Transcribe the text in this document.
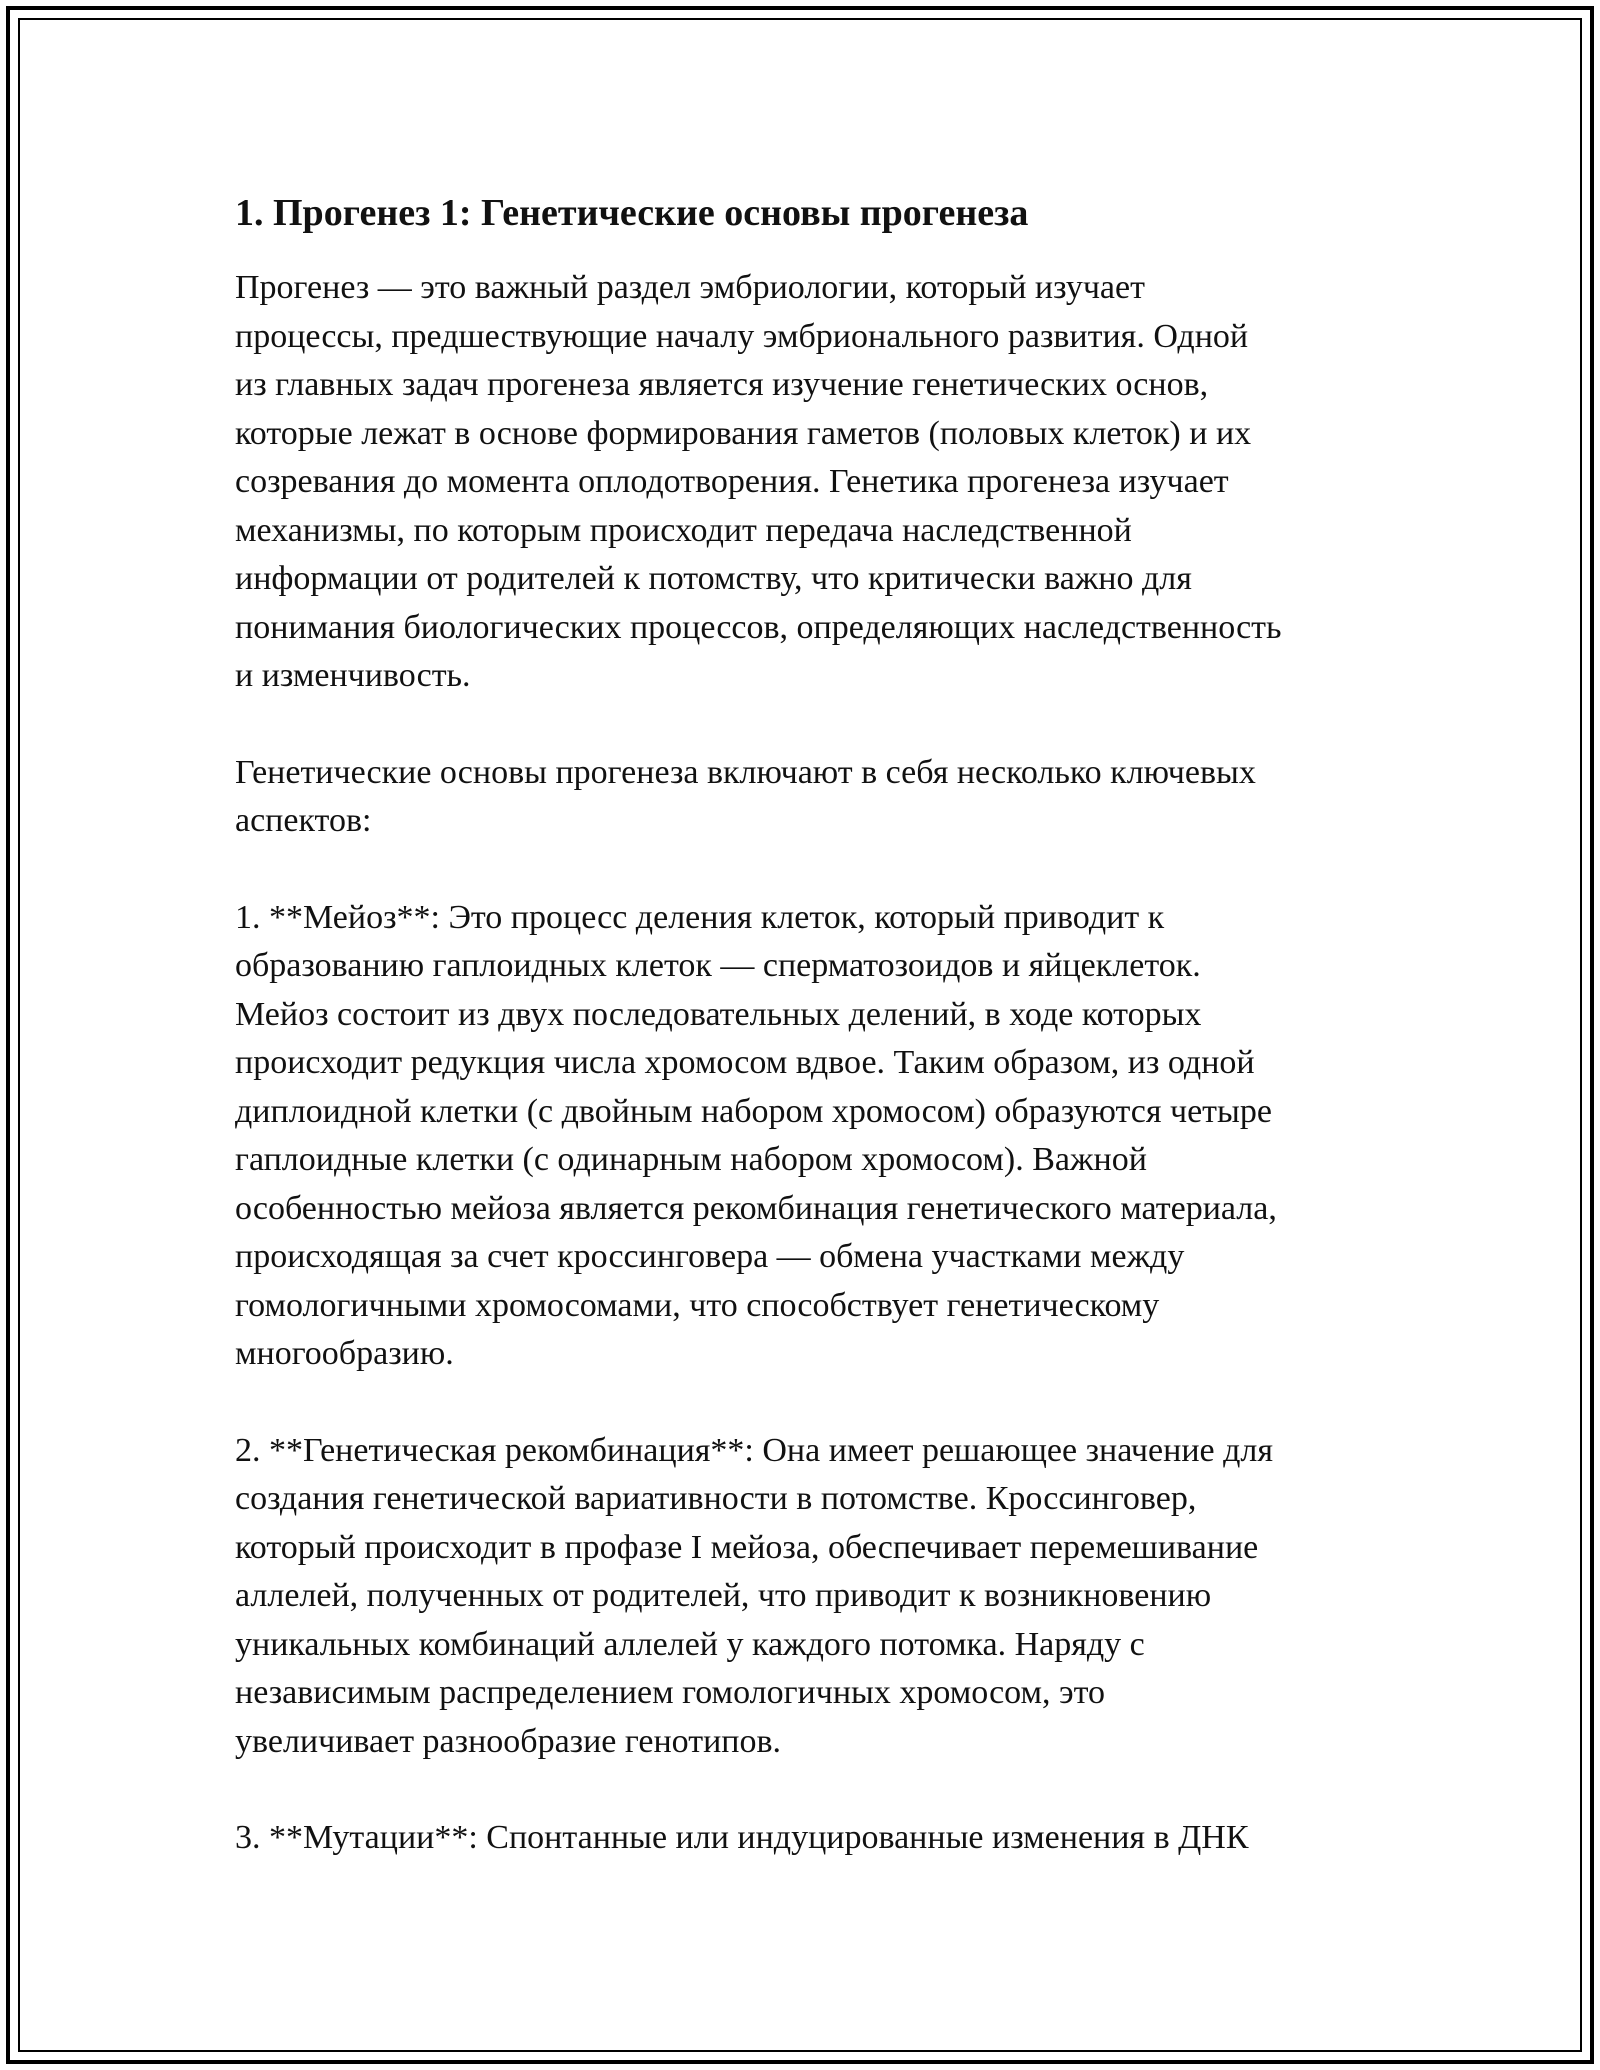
1. Прогенез 1: Генетические основы прогенеза

Прогенез — это важный раздел эмбриологии, который изучает
процессы, предшествующие началу эмбрионального развития. Одной
из главных задач прогенеза является изучение генетических основ,
которые лежат в основе формирования гаметов (половых клеток) и их
созревания до момента оплодотворения. Генетика прогенеза изучает
механизмы, по которым происходит передача наследственной
информации от родителей к потомству, что критически важно для
понимания биологических процессов, определяющих наследственность
и изменчивость.

Генетические основы прогенеза включают в себя несколько ключевых
аспектов:

1. **Мейоз**: Это процесс деления клеток, который приводит к
образованию гаплоидных клеток — сперматозоидов и яйцеклеток.
Мейоз состоит из двух последовательных делений, в ходе которых
происходит редукция числа хромосом вдвое. Таким образом, из одной
диплоидной клетки (с двойным набором хромосом) образуются четыре
гаплоидные клетки (с одинарным набором хромосом). Важной
особенностью мейоза является рекомбинация генетического материала,
происходящая за счет кроссинговера — обмена участками между
гомологичными хромосомами, что способствует генетическому
многообразию.

2. **Генетическая рекомбинация**: Она имеет решающее значение для
создания генетической вариативности в потомстве. Кроссинговер,
который происходит в профазе I мейоза, обеспечивает перемешивание
аллелей, полученных от родителей, что приводит к возникновению
уникальных комбинаций аллелей у каждого потомка. Наряду с
независимым распределением гомологичных хромосом, это
увеличивает разнообразие генотипов.

3. **Мутации**: Спонтанные или индуцированные изменения в ДНК
